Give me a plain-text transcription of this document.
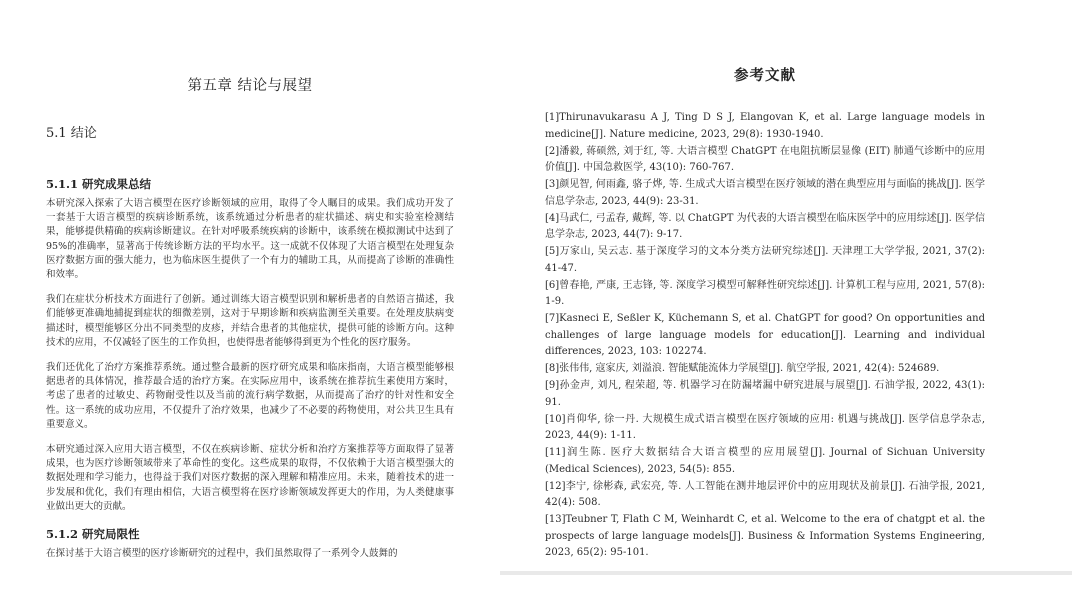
第五章 结论与展望
5.1 结论
5.1.1 研究成果总结

本研究深入探索了大语言模型在医疗诊断领域的应用，取得了令人瞩目的成果。我们成功开发了一套基于大语言模型的疾病诊断系统，该系统通过分析患者的症状描述、病史和实验室检测结果，能够提供精确的疾病诊断建议。在针对呼吸系统疾病的诊断中，该系统在模拟测试中达到了95%的准确率，显著高于传统诊断方法的平均水平。这一成就不仅体现了大语言模型在处理复杂医疗数据方面的强大能力，也为临床医生提供了一个有力的辅助工具，从而提高了诊断的准确性和效率。

我们在症状分析技术方面进行了创新。通过训练大语言模型识别和解析患者的自然语言描述，我们能够更准确地捕捉到症状的细微差别，这对于早期诊断和疾病监测至关重要。在处理皮肤病变描述时，模型能够区分出不同类型的皮疹，并结合患者的其他症状，提供可能的诊断方向。这种技术的应用，不仅减轻了医生的工作负担，也使得患者能够得到更为个性化的医疗服务。

我们还优化了治疗方案推荐系统。通过整合最新的医疗研究成果和临床指南，大语言模型能够根据患者的具体情况，推荐最合适的治疗方案。在实际应用中，该系统在推荐抗生素使用方案时，考虑了患者的过敏史、药物耐受性以及当前的流行病学数据，从而提高了治疗的针对性和安全性。这一系统的成功应用，不仅提升了治疗效果，也减少了不必要的药物使用，对公共卫生具有重要意义。

本研究通过深入应用大语言模型，不仅在疾病诊断、症状分析和治疗方案推荐等方面取得了显著成果，也为医疗诊断领域带来了革命性的变化。这些成果的取得，不仅依赖于大语言模型强大的数据处理和学习能力，也得益于我们对医疗数据的深入理解和精准应用。未来，随着技术的进一步发展和优化，我们有理由相信，大语言模型将在医疗诊断领域发挥更大的作用，为人类健康事业做出更大的贡献。

5.1.2 研究局限性

在探讨基于大语言模型的医疗诊断研究的过程中，我们虽然取得了一系列令人鼓舞的

参考文献
[1]Thirunavukarasu A J, Ting D S J, Elangovan K, et al. Large language models in medicine[J]. Nature medicine, 2023, 29(8): 1930-1940.
[2]潘毅, 蒋硕然, 刘于红, 等. 大语言模型 ChatGPT 在电阻抗断层显像 (EIT) 肺通气诊断中的应用价值[J]. 中国急救医学, 43(10): 760-767.
[3]颜见智, 何雨鑫, 骆子烨, 等. 生成式大语言模型在医疗领域的潜在典型应用与面临的挑战[J]. 医学信息学杂志, 2023, 44(9): 23-31.
[4]马武仁, 弓孟春, 戴辉, 等. 以 ChatGPT 为代表的大语言模型在临床医学中的应用综述[J]. 医学信息学杂志, 2023, 44(7): 9-17.
[5]万家山, 吴云志. 基于深度学习的文本分类方法研究综述[J]. 天津理工大学学报, 2021, 37(2): 41-47.
[6]曾春艳, 严康, 王志锋, 等. 深度学习模型可解释性研究综述[J]. 计算机工程与应用, 2021, 57(8): 1-9.
[7]Kasneci E, Seßler K, Küchemann S, et al. ChatGPT for good? On opportunities and challenges of large language models for education[J]. Learning and individual differences, 2023, 103: 102274.
[8]张伟伟, 寇家庆, 刘溢浪. 智能赋能流体力学展望[J]. 航空学报, 2021, 42(4): 524689.
[9]孙金声, 刘凡, 程荣超, 等. 机器学习在防漏堵漏中研究进展与展望[J]. 石油学报, 2022, 43(1): 91.
[10]肖仰华, 徐一丹. 大规模生成式语言模型在医疗领域的应用: 机遇与挑战[J]. 医学信息学杂志, 2023, 44(9): 1-11.
[11]润生陈. 医疗大数据结合大语言模型的应用展望[J]. Journal of Sichuan University (Medical Sciences), 2023, 54(5): 855.
[12]李宁, 徐彬森, 武宏亮, 等. 人工智能在测井地层评价中的应用现状及前景[J]. 石油学报, 2021, 42(4): 508.
[13]Teubner T, Flath C M, Weinhardt C, et al. Welcome to the era of chatgpt et al. the prospects of large language models[J]. Business & Information Systems Engineering, 2023, 65(2): 95-101.
